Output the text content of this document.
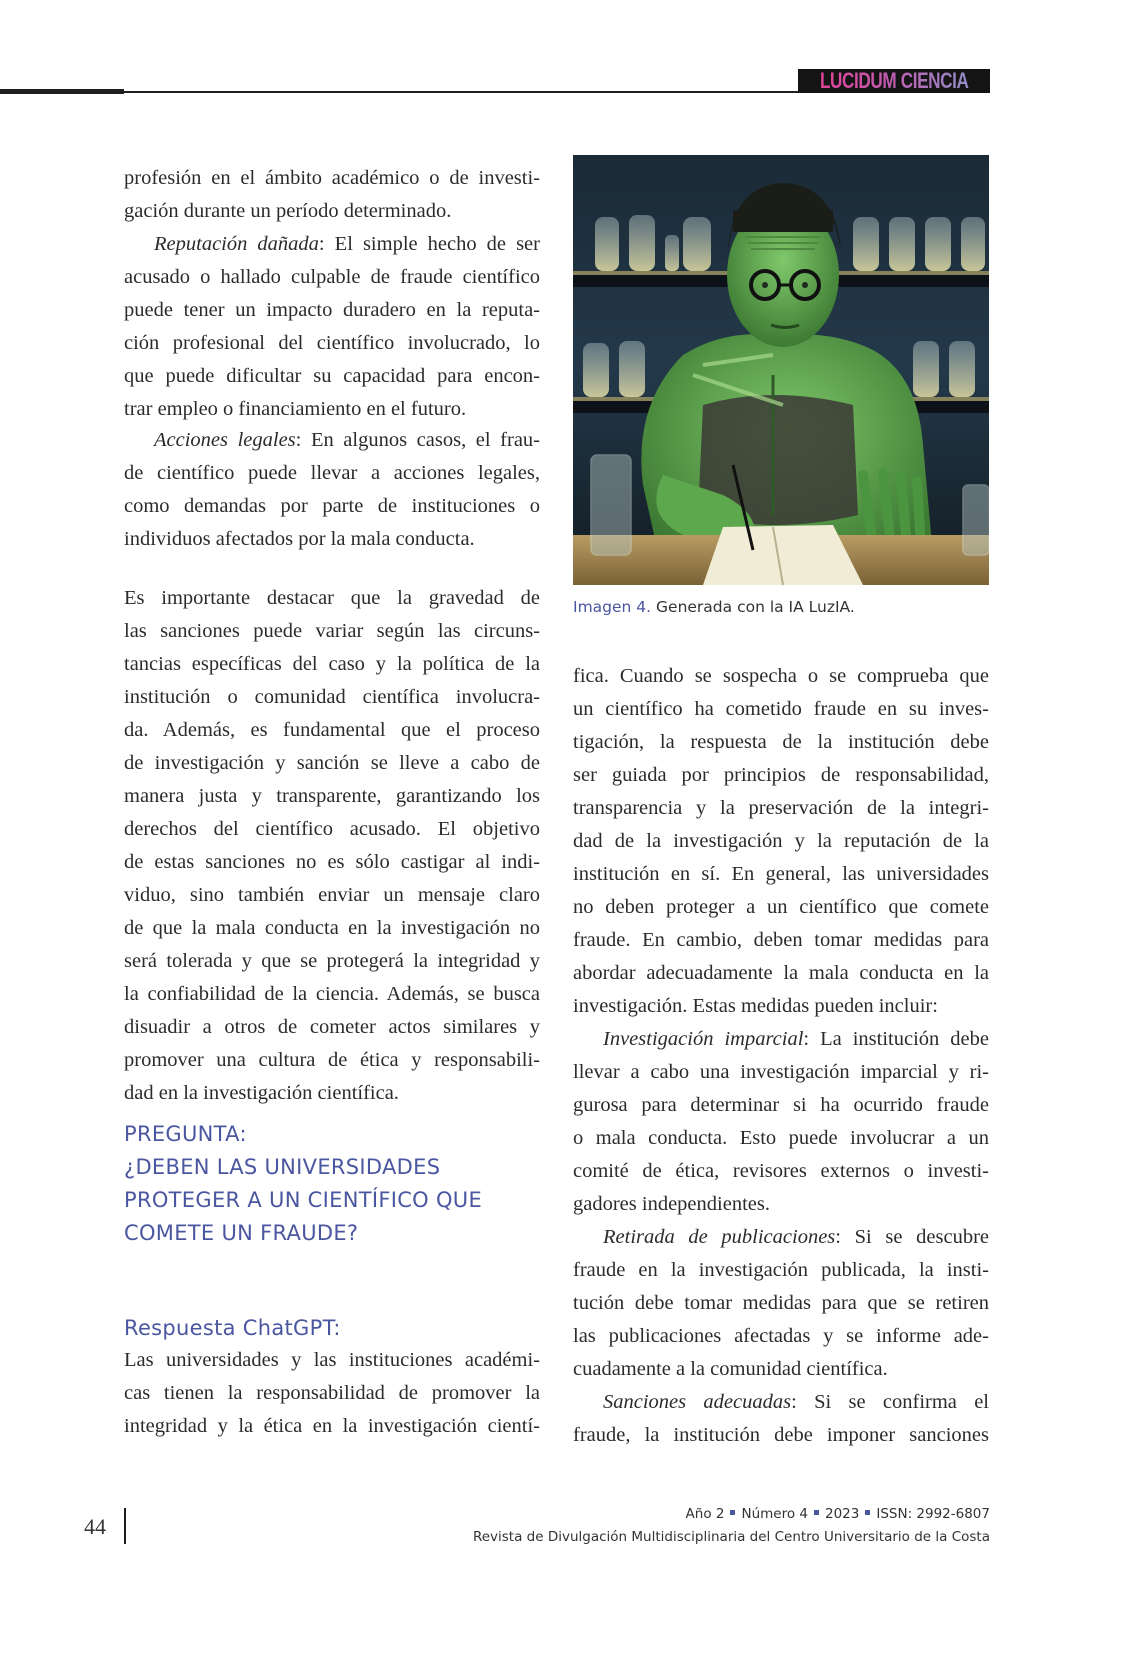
LUCIDUM CIENCIA
profesión en el ámbito académico o de investi-
gación durante un período determinado.
Reputación dañada: El simple hecho de ser
acusado o hallado culpable de fraude científico
puede tener un impacto duradero en la reputa-
ción profesional del científico involucrado, lo
que puede dificultar su capacidad para encon-
trar empleo o financiamiento en el futuro.
Acciones legales: En algunos casos, el frau-
de científico puede llevar a acciones legales,
como demandas por parte de instituciones o
individuos afectados por la mala conducta.
Es importante destacar que la gravedad de
las sanciones puede variar según las circuns-
tancias específicas del caso y la política de la
institución o comunidad científica involucra-
da. Además, es fundamental que el proceso
de investigación y sanción se lleve a cabo de
manera justa y transparente, garantizando los
derechos del científico acusado. El objetivo
de estas sanciones no es sólo castigar al indi-
viduo, sino también enviar un mensaje claro
de que la mala conducta en la investigación no
será tolerada y que se protegerá la integridad y
la confiabilidad de la ciencia. Además, se busca
disuadir a otros de cometer actos similares y
promover una cultura de ética y responsabili-
dad en la investigación científica.
PREGUNTA:
¿DEBEN LAS UNIVERSIDADES
PROTEGER A UN CIENTÍFICO QUE
COMETE UN FRAUDE?
Respuesta ChatGPT:
Las universidades y las instituciones académi-
cas tienen la responsabilidad de promover la
integridad y la ética en la investigación cientí-
Imagen 4. Generada con la IA LuzIA.
fica. Cuando se sospecha o se comprueba que
un científico ha cometido fraude en su inves-
tigación, la respuesta de la institución debe
ser guiada por principios de responsabilidad,
transparencia y la preservación de la integri-
dad de la investigación y la reputación de la
institución en sí. En general, las universidades
no deben proteger a un científico que comete
fraude. En cambio, deben tomar medidas para
abordar adecuadamente la mala conducta en la
investigación. Estas medidas pueden incluir:
Investigación imparcial: La institución debe
llevar a cabo una investigación imparcial y ri-
gurosa para determinar si ha ocurrido fraude
o mala conducta. Esto puede involucrar a un
comité de ética, revisores externos o investi-
gadores independientes.
Retirada de publicaciones: Si se descubre
fraude en la investigación publicada, la insti-
tución debe tomar medidas para que se retiren
las publicaciones afectadas y se informe ade-
cuadamente a la comunidad científica.
Sanciones adecuadas: Si se confirma el
fraude, la institución debe imponer sanciones
44	Año 2 Número 4 2023 ISSN: 2992-6807
Revista de Divulgación Multidisciplinaria del Centro Universitario de la Costa
